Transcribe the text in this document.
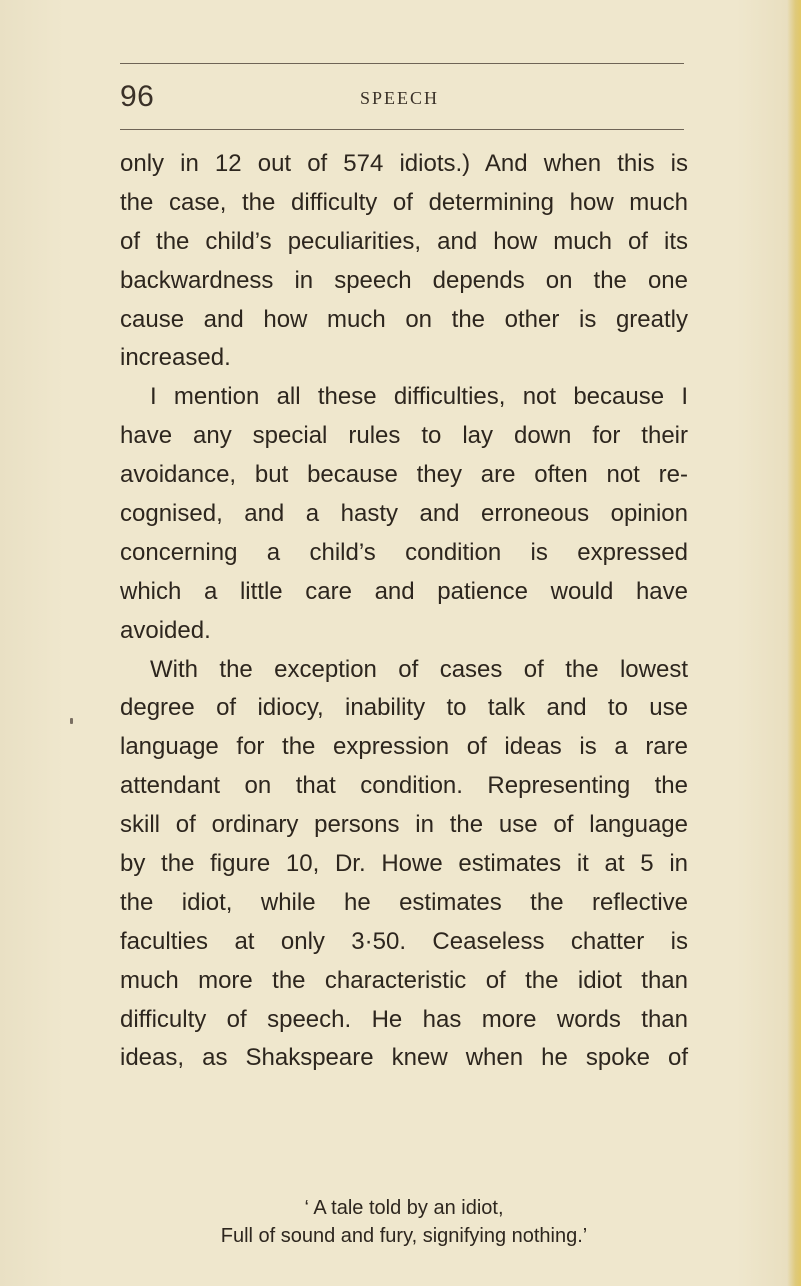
96	SPEECH
only in 12 out of 574 idiots.) And when this is
the case, the difficulty of determining how much
of the child’s peculiarities, and how much of its
backwardness in speech depends on the one
cause and how much on the other is greatly
increased.
I mention all these difficulties, not because I
have any special rules to lay down for their
avoidance, but because they are often not re-
cognised, and a hasty and erroneous opinion
concerning a child’s condition is expressed
which a little care and patience would have
avoided.
With the exception of cases of the lowest
degree of idiocy, inability to talk and to use
language for the expression of ideas is a rare
attendant on that condition. Representing the
skill of ordinary persons in the use of language
by the figure 10, Dr. Howe estimates it at 5 in
the idiot, while he estimates the reflective
faculties at only 3·50. Ceaseless chatter is
much more the characteristic of the idiot than
difficulty of speech. He has more words than
ideas, as Shakspeare knew when he spoke of
‘ A tale told by an idiot,
Full of sound and fury, signifying nothing.’
